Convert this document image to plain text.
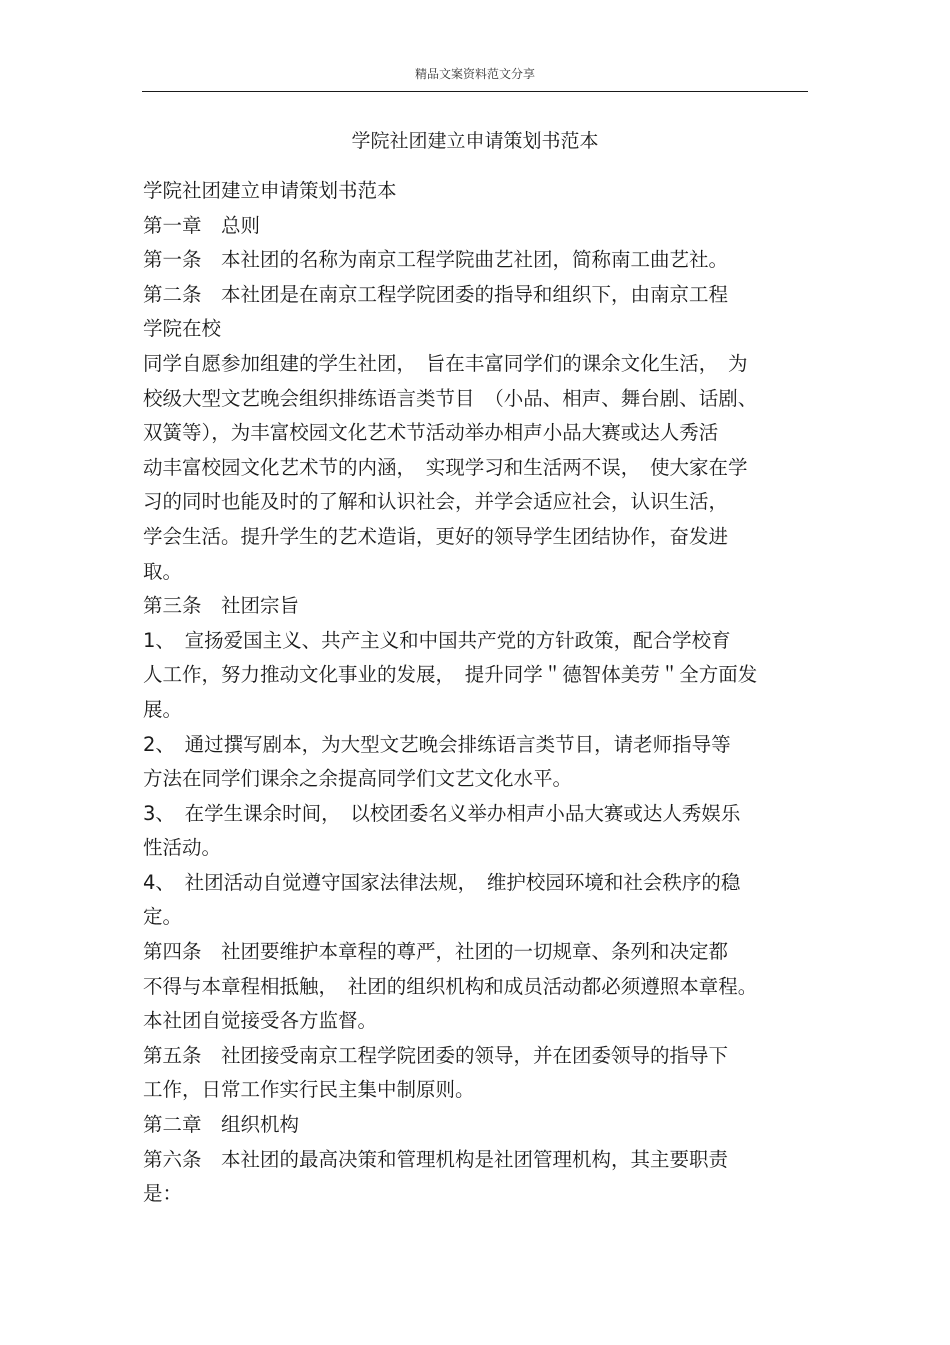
精品文案资料范文分享
学院社团建立申请策划书范本
学院社团建立申请策划书范本
第一章　总则
第一条　本社团的名称为南京工程学院曲艺社团，简称南工曲艺社。
第二条　本社团是在南京工程学院团委的指导和组织下，由南京工程
学院在校
同学自愿参加组建的学生社团，　旨在丰富同学们的课余文化生活，　为
校级大型文艺晚会组织排练语言类节目　（小品、相声、舞台剧、话剧、
双簧等），为丰富校园文化艺术节活动举办相声小品大赛或达人秀活
动丰富校园文化艺术节的内涵，　实现学习和生活两不误，　使大家在学
习的同时也能及时的了解和认识社会，并学会适应社会，认识生活，
学会生活。提升学生的艺术造诣，更好的领导学生团结协作，奋发进
取。
第三条　社团宗旨
1、　宣扬爱国主义、共产主义和中国共产党的方针政策，配合学校育
人工作，努力推动文化事业的发展，　提升同学＂德智体美劳＂全方面发
展。
2、　通过撰写剧本，为大型文艺晚会排练语言类节目，请老师指导等
方法在同学们课余之余提高同学们文艺文化水平。
3、　在学生课余时间，　以校团委名义举办相声小品大赛或达人秀娱乐
性活动。
4、　社团活动自觉遵守国家法律法规，　维护校园环境和社会秩序的稳
定。
第四条　社团要维护本章程的尊严，社团的一切规章、条列和决定都
不得与本章程相抵触，　社团的组织机构和成员活动都必须遵照本章程。
本社团自觉接受各方监督。
第五条　社团接受南京工程学院团委的领导，并在团委领导的指导下
工作，日常工作实行民主集中制原则。
第二章　组织机构
第六条　本社团的最高决策和管理机构是社团管理机构，其主要职责
是：
